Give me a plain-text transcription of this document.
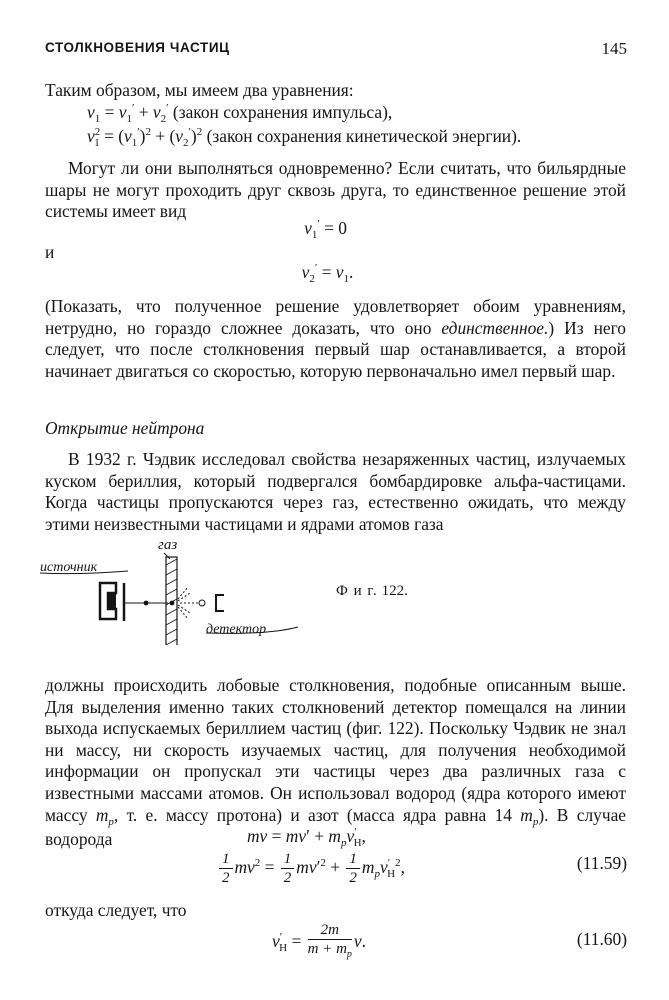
СТОЛКНОВЕНИЯ ЧАСТИЦ	145
Таким образом, мы имеем два уравнения:
$v_1 = v_1' + v_2'$ (закон сохранения импульса),
$v^2_1 = (v_1')^2 + (v_2')^2$ (закон сохранения кинетической энергии).
Могут ли они выполняться одновременно? Если считать, что бильярдные шары не могут проходить друг сквозь друга, то единственное решение этой системы имеет вид
$v_1' = 0$
и
$v_2' = v_1$.
(Показать, что полученное решение удовлетворяет обоим уравнениям, нетрудно, но гораздо сложнее доказать, что оно единственное.) Из него следует, что после столкновения первый шар останавливается, а второй начинает двигаться со скоростью, которую первоначально имел первый шар.
Открытие нейтрона
В 1932 г. Чэдвик исследовал свойства незаряженных частиц, излучаемых куском бериллия, который подвергался бомбардировке альфа-частицами. Когда частицы пропускаются через газ, естественно ожидать, что между этими неизвестными частицами и ядрами атомов газа
газ
источник
детектор
Ф и г. 122.
должны происходить лобовые столкновения, подобные описанным выше. Для выделения именно таких столкновений детектор помещался на линии выхода испускаемых бериллием частиц (фиг. 122). Поскольку Чэдвик не знал ни массу, ни скорость изучаемых частиц, для получения необходимой информации он пропускал эти частицы через два различных газа с известными массами атомов. Он использовал водород (ядра которого имеют массу $m_p$, т. е. массу протона) и азот (масса ядра равна 14 $m_p$). В случае водорода	mv = $mv' + m_pv'_H$,
$\frac{1}{2} mv^2 = \frac{1}{2} mv'^2 + \frac{1}{2} m_pv'_H^2$,	(11.59)
откуда следует, что
$v'_H = \frac{2m}{m + m_p} v$.	(11.60)
